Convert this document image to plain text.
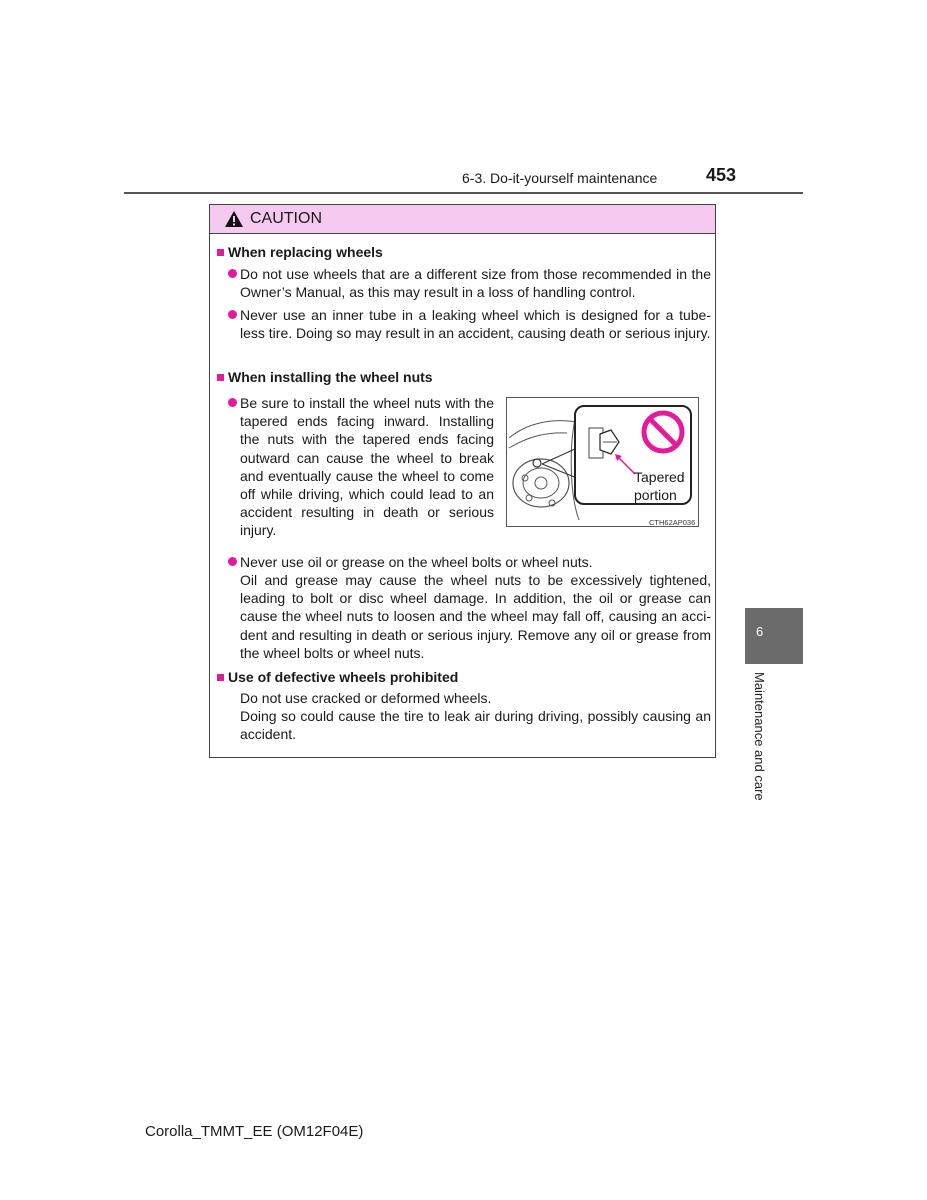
6-3. Do-it-yourself maintenance	453
CAUTION
When replacing wheels
Do not use wheels that are a different size from those recommended in the Owner’s Manual, as this may result in a loss of handling control.
Never use an inner tube in a leaking wheel which is designed for a tube-less tire. Doing so may result in an accident, causing death or serious injury.
When installing the wheel nuts
Be sure to install the wheel nuts with the tapered ends facing inward. Installing the nuts with the tapered ends facing outward can cause the wheel to break and eventually cause the wheel to come off while driving, which could lead to an accident resulting in death or serious injury.
Tapered
portion
CTH62AP036
Never use oil or grease on the wheel bolts or wheel nuts.
Oil and grease may cause the wheel nuts to be excessively tightened, leading to bolt or disc wheel damage. In addition, the oil or grease can cause the wheel nuts to loosen and the wheel may fall off, causing an acci-dent and resulting in death or serious injury. Remove any oil or grease from the wheel bolts or wheel nuts.
Use of defective wheels prohibited
Do not use cracked or deformed wheels.
Doing so could cause the tire to leak air during driving, possibly causing an accident.
6
Maintenance and care
Corolla_TMMT_EE (OM12F04E)
